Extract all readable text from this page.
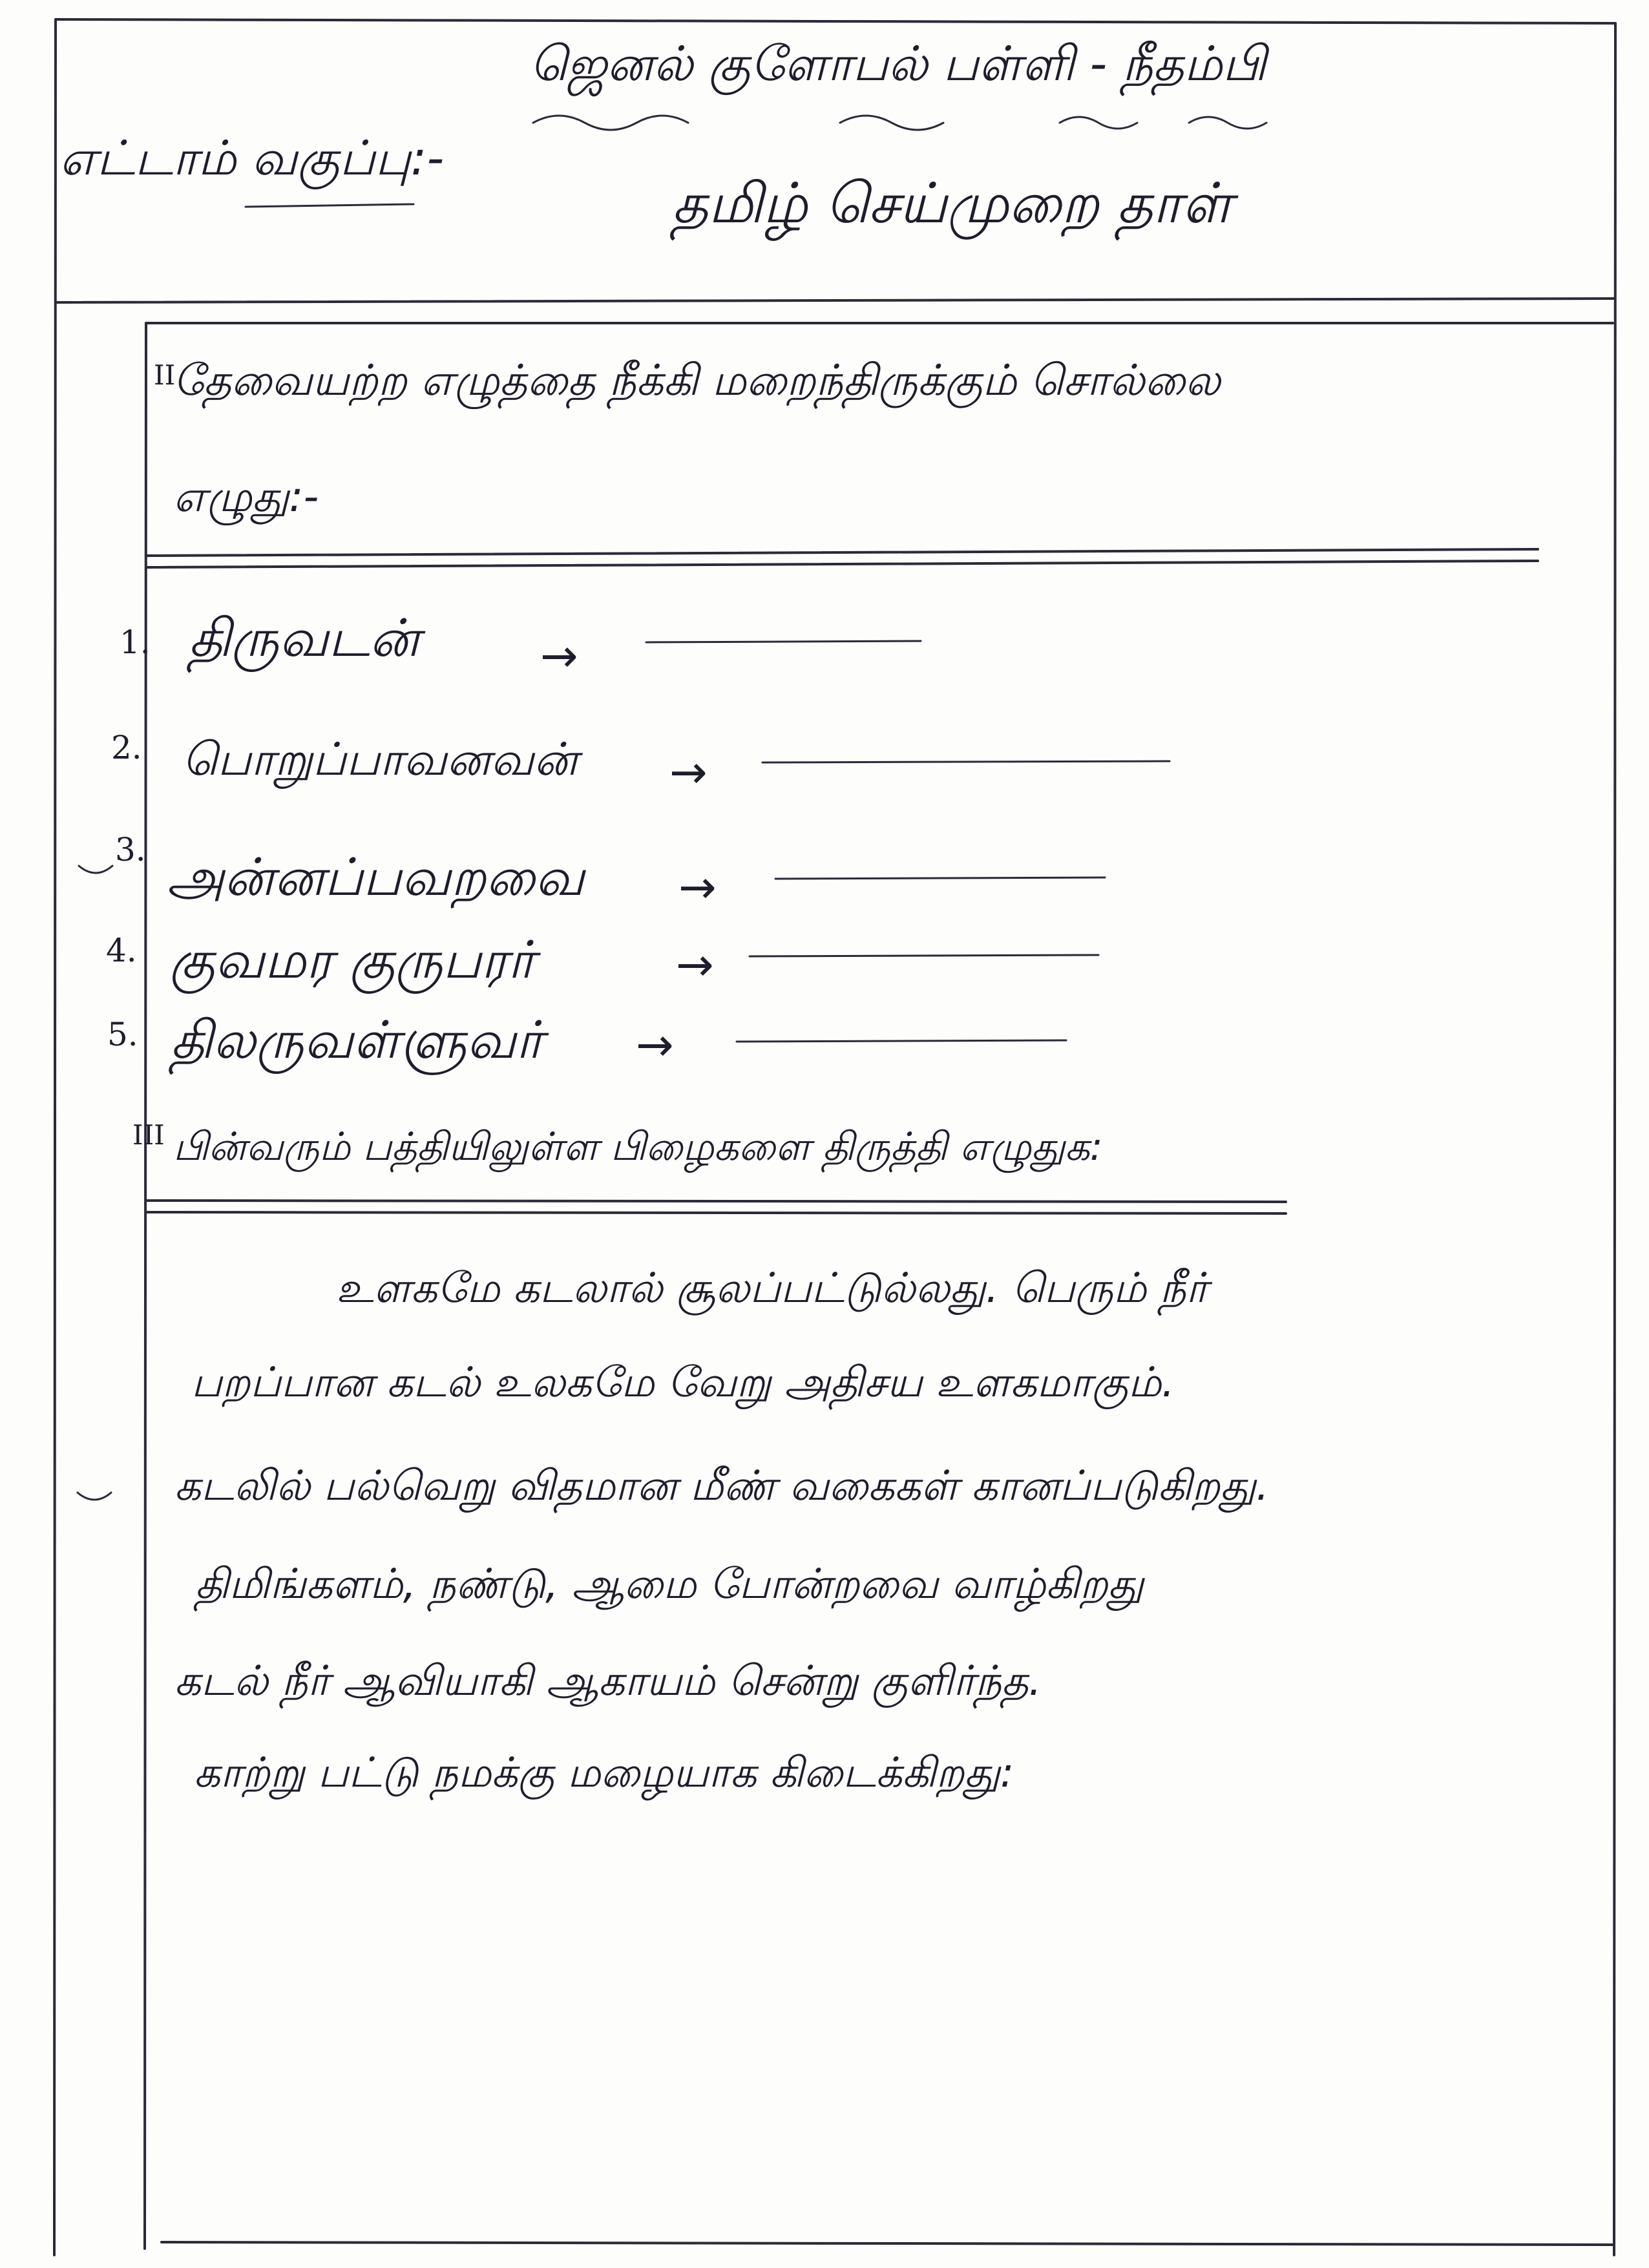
ஜெனல் குளோபல் பள்ளி - நீதம்பி
எட்டாம் வகுப்பு:-
தமிழ் செய்முறை தாள்
II
தேவையற்ற எழுத்தை நீக்கி மறைந்திருக்கும் சொல்லை
எழுது:-
1. திருவடன்	→
2. பொறுப்பாவனவன் →
3. அன்னப்பவறவை →
4. குவமர குருபரர்	→
5. திலருவள்ளுவர் →
III பின்வரும் பத்தியிலுள்ள பிழைகளை திருத்தி எழுதுக:
உளகமே கடலால் சூலப்பட்டுல்லது. பெரும் நீர்
பறப்பான கடல் உலகமே வேறு அதிசய உளகமாகும்.
கடலில் பல்வெறு விதமான மீண் வகைகள் கானப்படுகிறது.
திமிங்களம், நண்டு, ஆமை போன்றவை வாழ்கிறது
கடல் நீர் ஆவியாகி ஆகாயம் சென்று குளிர்ந்த.
காற்று பட்டு நமக்கு மழையாக கிடைக்கிறது:
